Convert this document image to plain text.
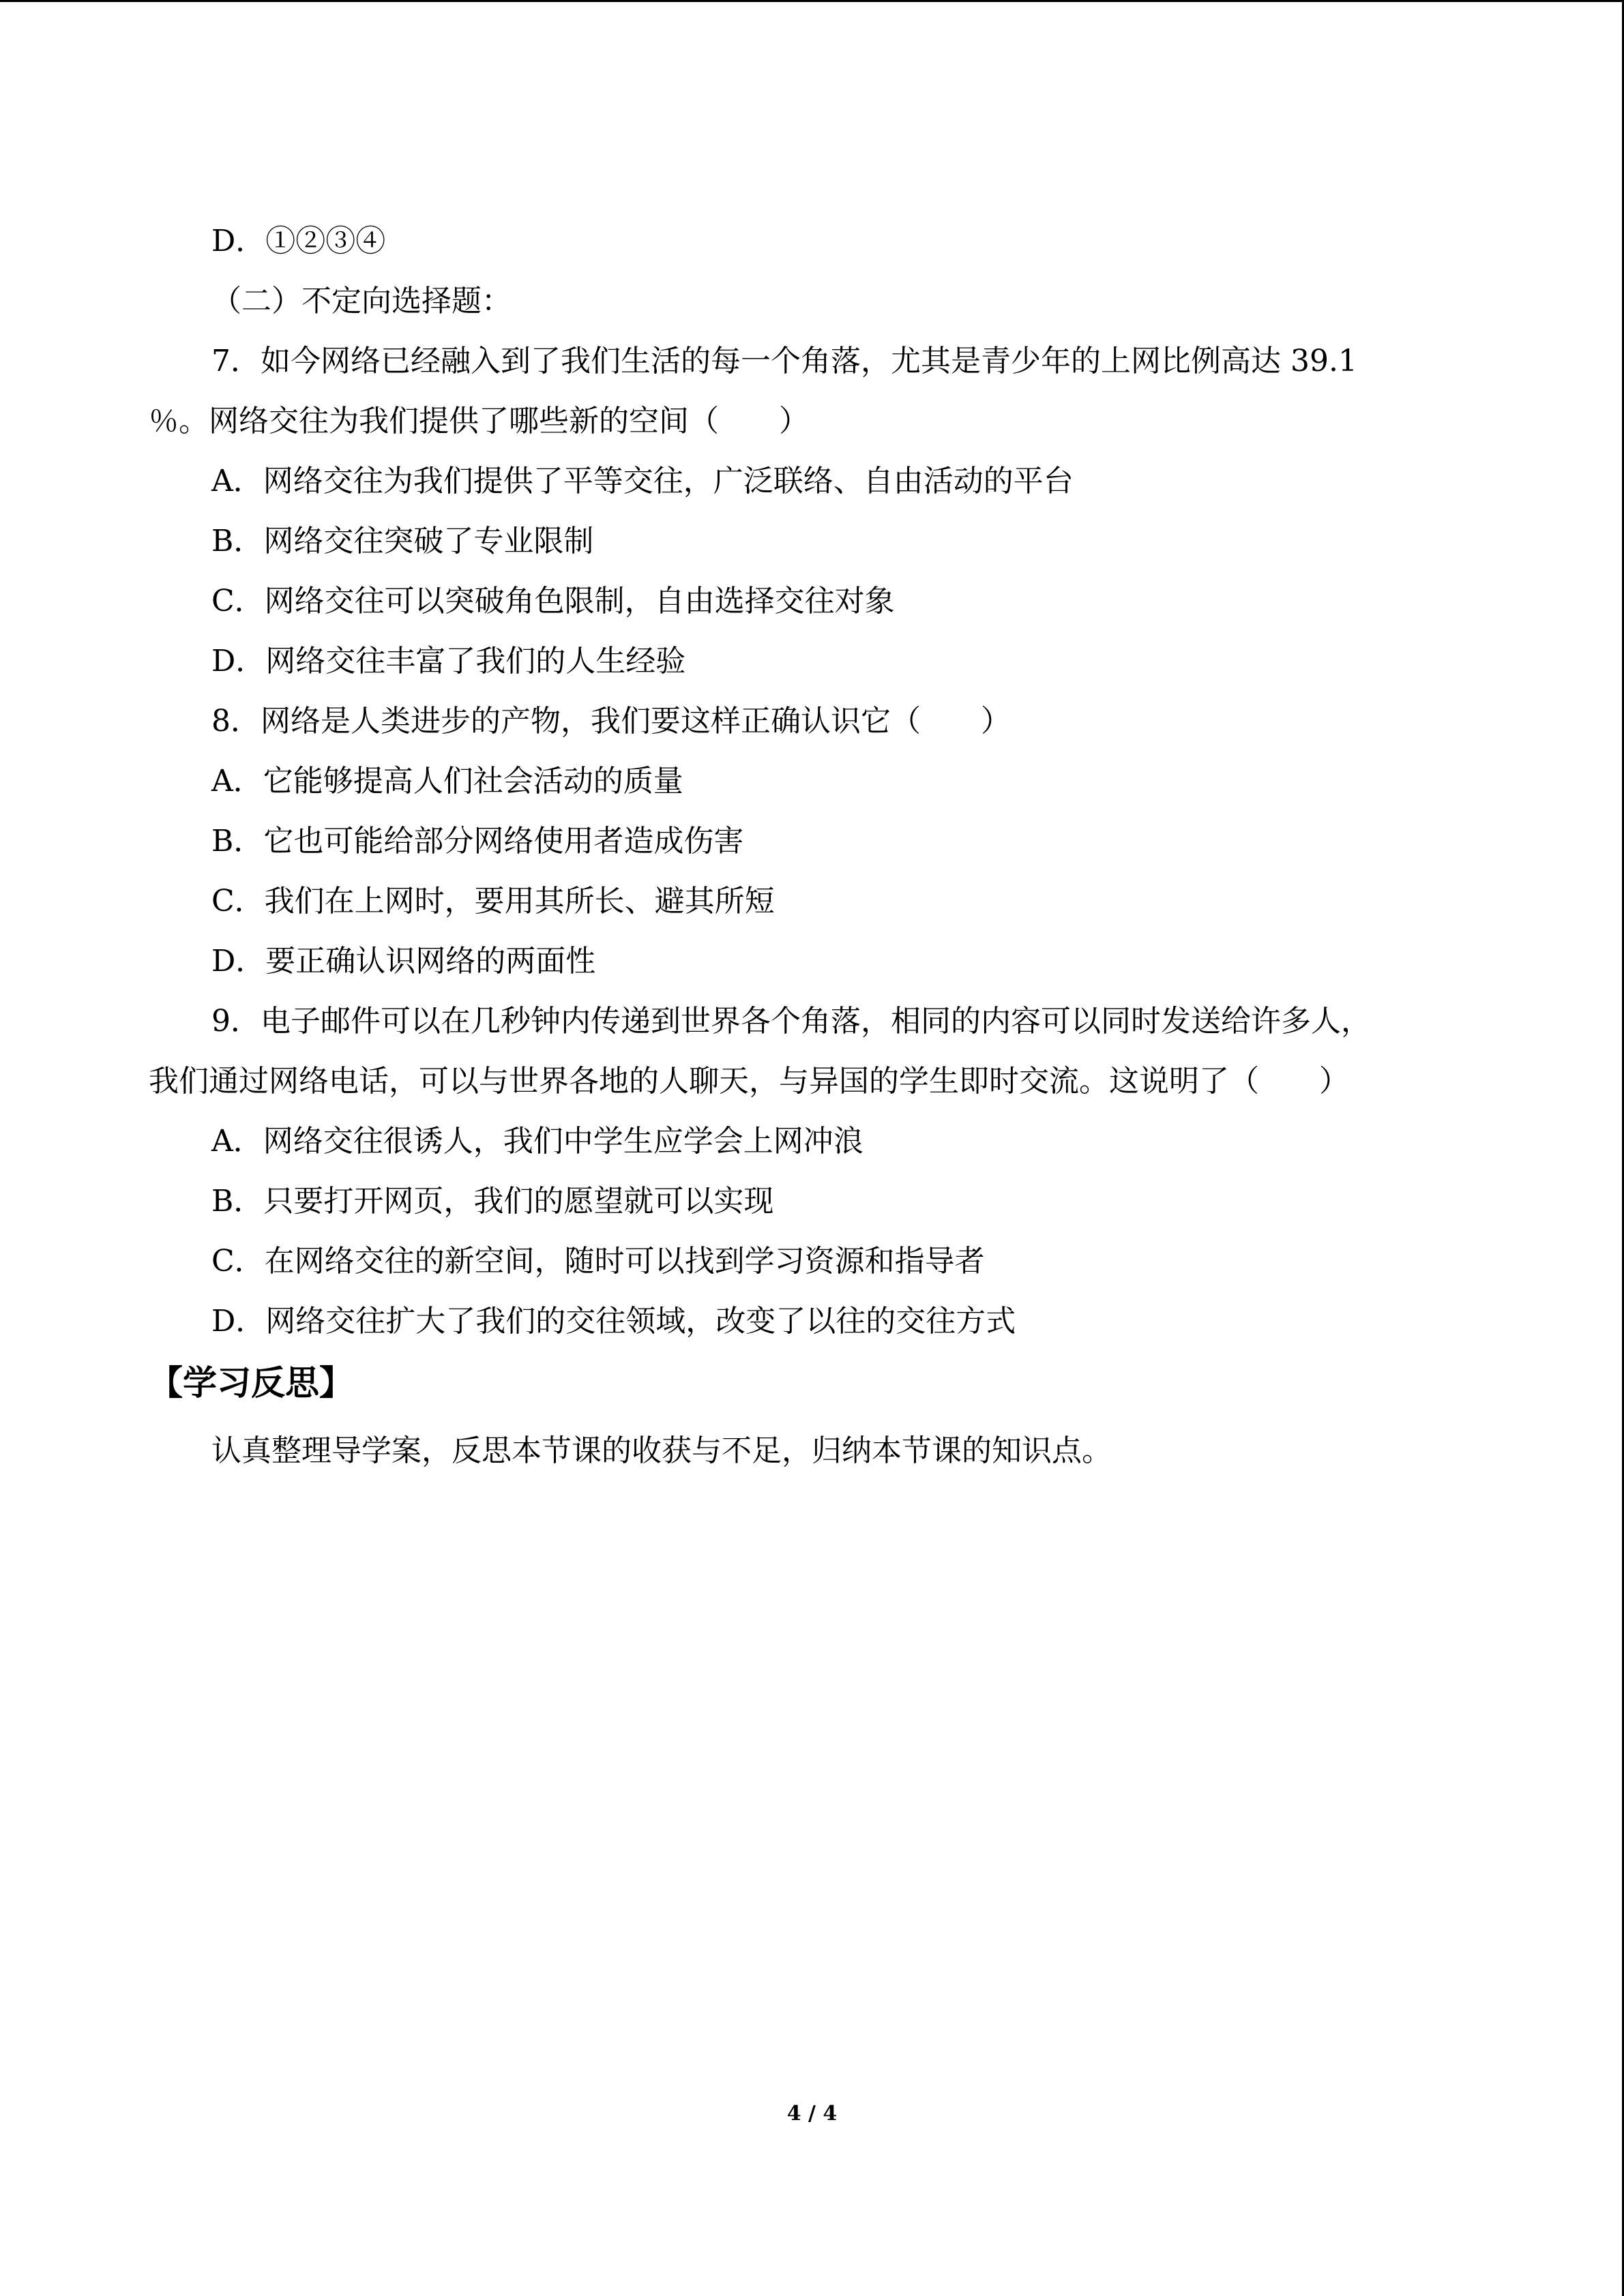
D．①②③④
（二）不定向选择题：
7．如今网络已经融入到了我们生活的每一个角落，尤其是青少年的上网比例高达 39.1
％。网络交往为我们提供了哪些新的空间（　　）
A．网络交往为我们提供了平等交往，广泛联络、自由活动的平台
B．网络交往突破了专业限制
C．网络交往可以突破角色限制，自由选择交往对象
D．网络交往丰富了我们的人生经验
8．网络是人类进步的产物，我们要这样正确认识它（　　）
A．它能够提高人们社会活动的质量
B．它也可能给部分网络使用者造成伤害
C．我们在上网时，要用其所长、避其所短
D．要正确认识网络的两面性
9．电子邮件可以在几秒钟内传递到世界各个角落，相同的内容可以同时发送给许多人，
我们通过网络电话，可以与世界各地的人聊天，与异国的学生即时交流。这说明了（　　）
A．网络交往很诱人，我们中学生应学会上网冲浪
B．只要打开网页，我们的愿望就可以实现
C．在网络交往的新空间，随时可以找到学习资源和指导者
D．网络交往扩大了我们的交往领域，改变了以往的交往方式
【学习反思】
认真整理导学案，反思本节课的收获与不足，归纳本节课的知识点。
4 / 4
